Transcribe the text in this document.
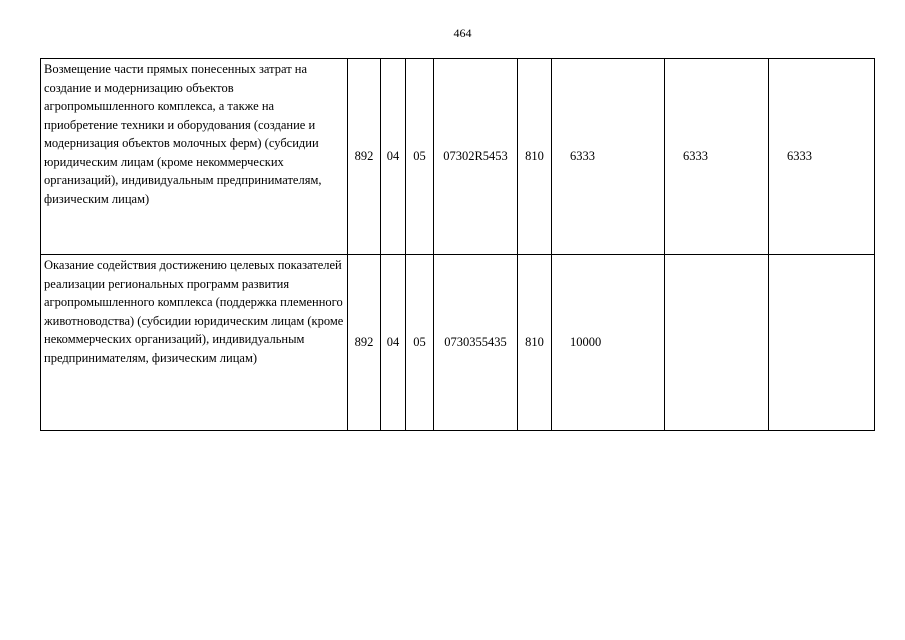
464
Возмещение части прямых понесенных затрат на создание и модернизацию объектов агропромышленного комплекса, а также на приобретение техники и оборудования (создание и модернизация объектов молочных ферм) (субсидии юридическим лицам (кроме некоммерческих организаций), индивидуальным предпринимателям, физическим лицам)	892	04	05	07302R5453	810	6333	6333	6333
Оказание содействия достижению целевых показателей реализации региональных программ развития агропромышленного комплекса (поддержка племенного животноводства) (субсидии юридическим лицам (кроме некоммерческих организаций), индивидуальным предпринимателям, физическим лицам)	892	04	05	0730355435	810	10000		
